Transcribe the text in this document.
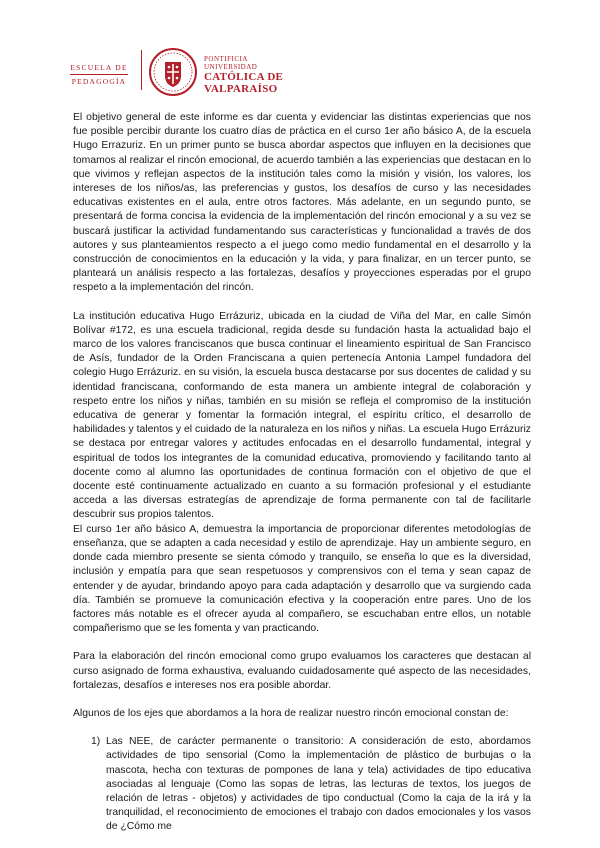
ESCUELA DE
PEDAGOGÍA
PONTIFICIA
UNIVERSIDAD
CATÓLICA DE
VALPARAÍSO

El objetivo general de este informe es dar cuenta y evidenciar las distintas experiencias que nos fue posible percibir durante los cuatro días de práctica en el curso 1er año básico A, de la escuela Hugo Errazuriz. En un primer punto se busca abordar aspectos que influyen en la decisiones que tomamos al realizar el rincón emocional, de acuerdo también a las experiencias que destacan en lo que vivimos y reflejan aspectos de la institución tales como la misión y visión, los valores, los intereses de los niños/as, las preferencias y gustos, los desafíos de curso y las necesidades educativas existentes en el aula, entre otros factores. Más adelante, en un segundo punto, se presentará de forma concisa la evidencia de la implementación del rincón emocional y a su vez se buscará justificar la actividad fundamentando sus características y funcionalidad a través de dos autores y sus planteamientos respecto a el juego como medio fundamental en el desarrollo y la construcción de conocimientos en la educación y la vida, y para finalizar, en un tercer punto, se planteará un análisis respecto a las fortalezas, desafíos y proyecciones esperadas por el grupo respeto a la implementación del rincón.

La institución educativa Hugo Errázuriz, ubicada en la ciudad de Viña del Mar, en calle Simón Bolívar #172, es una escuela tradicional, regida desde su fundación hasta la actualidad bajo el marco de los valores franciscanos que busca continuar el lineamiento espiritual de San Francisco de Asís, fundador de la Orden Franciscana a quien pertenecía Antonia Lampel fundadora del colegio Hugo Errázuriz. en su visión, la escuela busca destacarse por sus docentes de calidad y su identidad franciscana, conformando de esta manera un ambiente integral de colaboración y respeto entre los niños y niñas, también en su misión se refleja el compromiso de la institución educativa de generar y fomentar la formación integral, el espíritu crítico, el desarrollo de habilidades y talentos y el cuidado de la naturaleza en los niños y niñas. La escuela Hugo Errázuriz se destaca por entregar valores y actitudes enfocadas en el desarrollo fundamental, integral y espiritual de todos los integrantes de la comunidad educativa, promoviendo y facilitando tanto al docente como al alumno las oportunidades de continua formación con el objetivo de que el docente esté continuamente actualizado en cuanto a su formación profesional y el estudiante acceda a las diversas estrategías de aprendizaje de forma permanente con tal de facilitarle descubrir sus propios talentos.

El curso 1er año básico A, demuestra la importancia de proporcionar diferentes metodologías de enseñanza, que se adapten a cada necesidad y estilo de aprendizaje. Hay un ambiente seguro, en donde cada miembro presente se sienta cómodo y tranquilo, se enseña lo que es la diversidad, inclusión y empatía para que sean respetuosos y comprensivos con el tema y sean capaz de entender y de ayudar, brindando apoyo para cada adaptación y desarrollo que va surgiendo cada día. También se promueve la comunicación efectiva y la cooperación entre pares. Uno de los factores más notable es el ofrecer ayuda al compañero, se escuchaban entre ellos, un notable compañerismo que se les fomenta y van practicando.

Para la elaboración del rincón emocional como grupo evaluamos los caracteres que destacan al curso asignado de forma exhaustiva, evaluando cuidadosamente qué aspecto de las necesidades, fortalezas, desafíos e intereses nos era posible abordar.

Algunos de los ejes que abordamos a la hora de realizar nuestro rincón emocional constan de:

1) Las NEE, de carácter permanente o transitorio: A consideración de esto, abordamos actividades de tipo sensorial (Como la implementación de plástico de burbujas o la mascota, hecha con texturas de pompones de lana y tela) actividades de tipo educativa asociadas al lenguaje (Como las sopas de letras, las lecturas de textos, los juegos de relación de letras - objetos) y actividades de tipo conductual (Como la caja de la irá y la tranquilidad, el reconocimiento de emociones el trabajo con dados emocionales y los vasos de ¿Cómo me
